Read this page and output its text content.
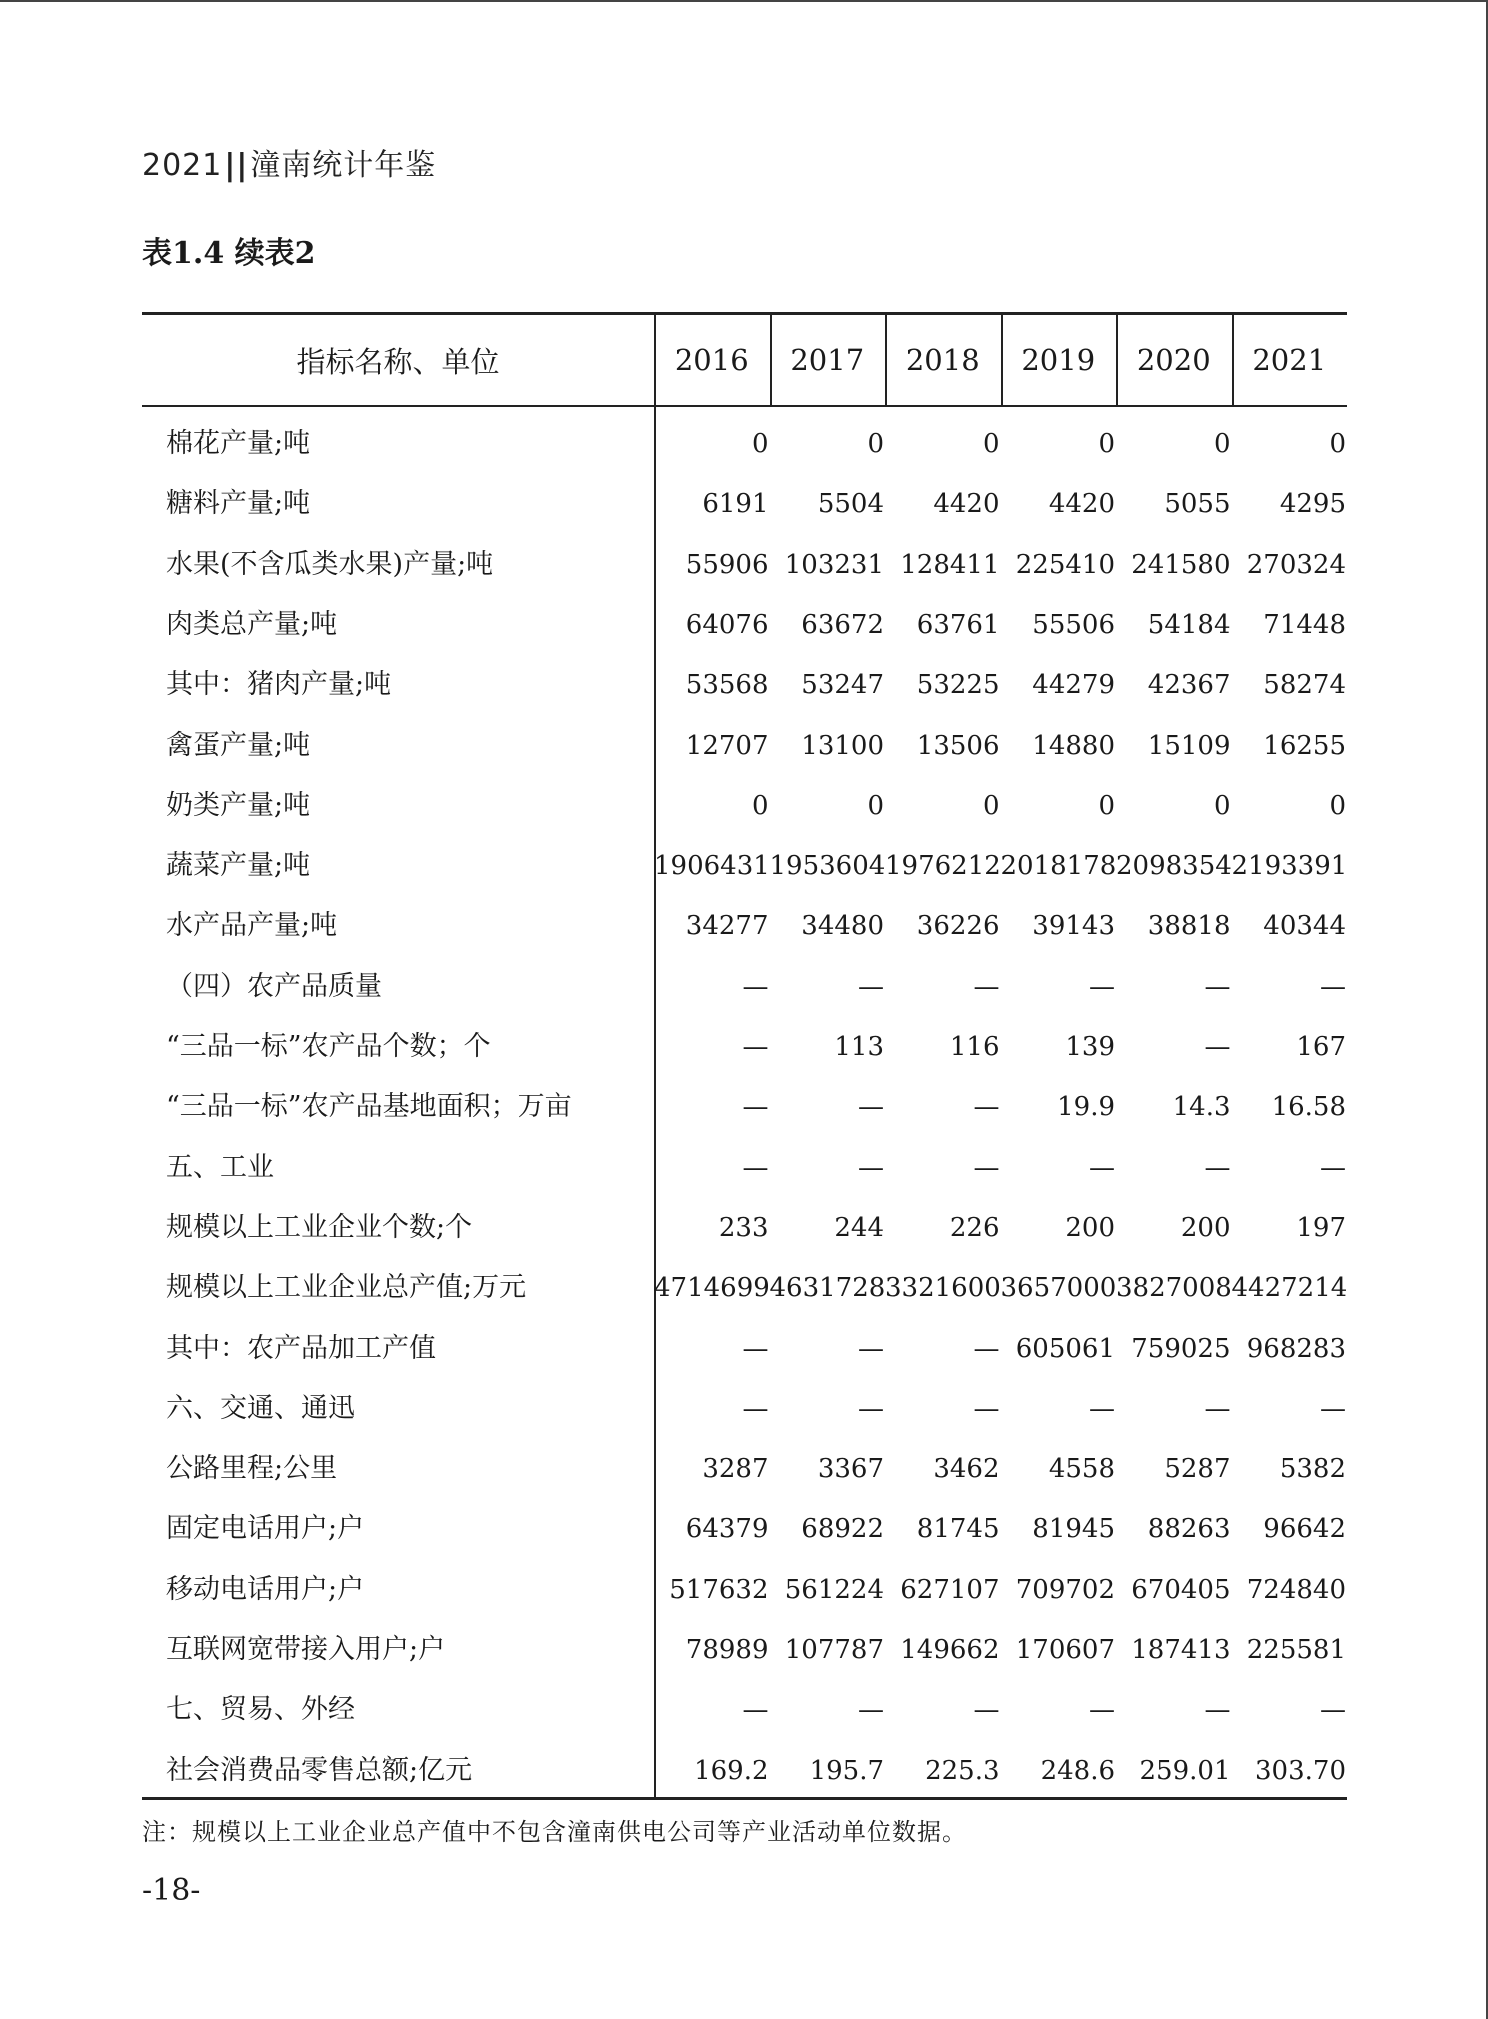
2021||潼南统计年鉴
表1.4 续表2
指标名称、单位	2016	2017	2018	2019	2020	2021
棉花产量;吨	0	0	0	0	0	0
糖料产量;吨	6191	5504	4420	4420	5055	4295
水果(不含瓜类水果)产量;吨	55906 103231 128411 225410 241580 270324
肉类总产量;吨	64076	63672	63761	55506	54184	71448
其中：猪肉产量;吨	53568	53247	53225	44279	42367	58274
禽蛋产量;吨	12707	13100	13506	14880	15109	16255
奶类产量;吨	0	0	0	0	0	0
蔬菜产量;吨	1906431 1953604 1976212 2018178 2098354 2193391
水产品产量;吨	34277	34480	36226	39143	38818	40344
（四）农产品质量	—	—	—	—	—	—
“三品一标”农产品个数；个	—	113	116	139	—	167
“三品一标”农产品基地面积；万亩	—	—	—	19.9	14.3	16.58
五、工业	—	—	—	—	—	—
规模以上工业企业个数;个	233	244	226	200	200	197
规模以上工业企业总产值;万元	4714699 4631728 3321600 3657000 3827008 4427214
其中：农产品加工产值	—	—	— 605061 759025 968283
六、交通、通迅	—	—	—	—	—	—
公路里程;公里	3287	3367	3462	4558	5287	5382
固定电话用户;户	64379	68922	81745	81945	88263	96642
移动电话用户;户	517632 561224 627107 709702 670405 724840
互联网宽带接入用户;户	78989 107787 149662 170607 187413 225581
七、贸易、外经	—	—	—	—	—	—
社会消费品零售总额;亿元	169.2	195.7	225.3	248.6 259.01 303.70
注：规模以上工业企业总产值中不包含潼南供电公司等产业活动单位数据。
-18-
